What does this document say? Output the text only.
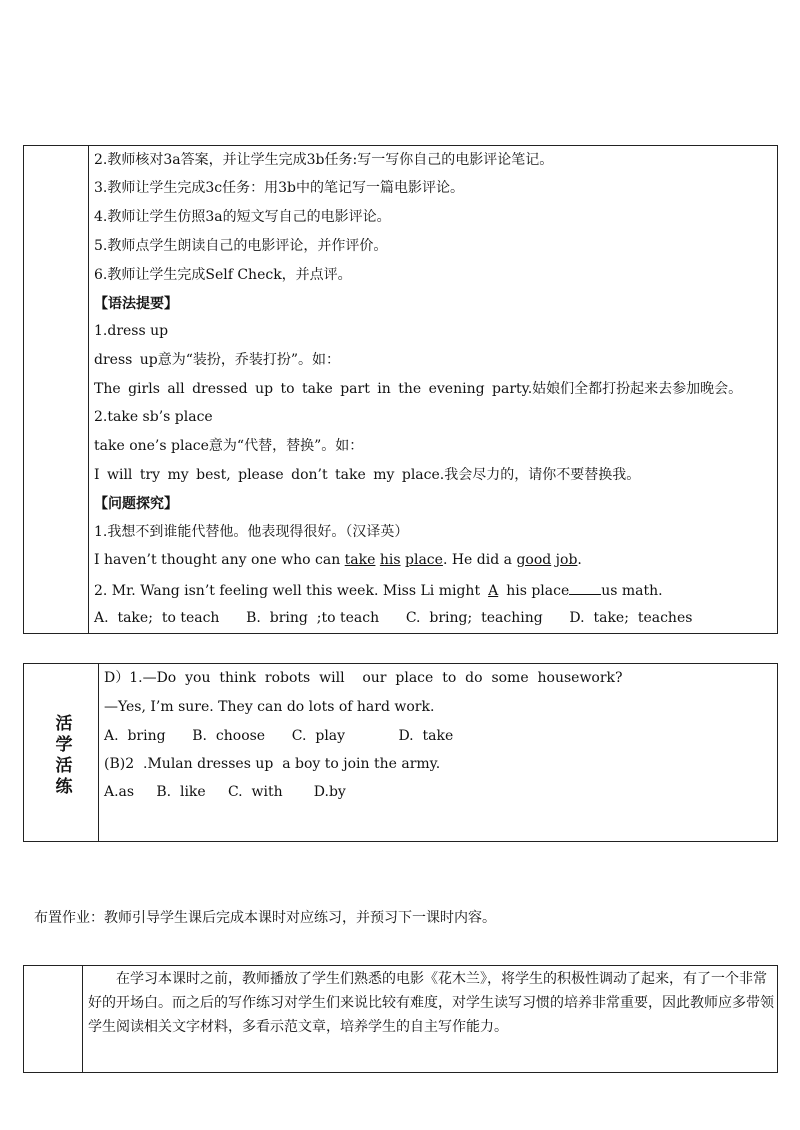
2.教师核对3a答案，并让学生完成3b任务:写一写你自己的电影评论笔记。
3.教师让学生完成3c任务：用3b中的笔记写一篇电影评论。
4.教师让学生仿照3a的短文写自己的电影评论。
5.教师点学生朗读自己的电影评论，并作评价。
6.教师让学生完成Self Check，并点评。
【语法提要】
1.dress up
dress up意为“装扮，乔装打扮”。如：
The girls all dressed up to take part in the evening party.姑娘们全都打扮起来去参加晚会。
2.take sb’s place
take one’s place意为“代替，替换”。如：
I will try my best, please don’t take my place.我会尽力的，请你不要替换我。
【问题探究】
1.我想不到谁能代替他。他表现得很好。（汉译英）
I haven’t thought any one who can take his place. He did a good job.
2. Mr. Wang isn’t feeling well this week. Miss Li might A his place us math.
A.  take;  to teach      B.  bring  ;to teach      C.  bring;  teaching      D.  take;  teaches
活
学
活
练
D）1.—Do  you  think  robots  will    our  place  to  do  some  housework?
—Yes, I’m sure. They can do lots of hard work.
A.  bring      B.  choose      C.  play            D.  take
(B)2  .Mulan dresses up  a boy to join the army.
A.as     B.  like     C.  with       D.by
布置作业：教师引导学生课后完成本课时对应练习，并预习下一课时内容。
在学习本课时之前，教师播放了学生们熟悉的电影《花木兰》，将学生的积极性调动了起来，有了一个非常好的开场白。而之后的写作练习对学生们来说比较有难度，对学生读写习惯的培养非常重要，因此教师应多带领学生阅读相关文字材料，多看示范文章，培养学生的自主写作能力。
